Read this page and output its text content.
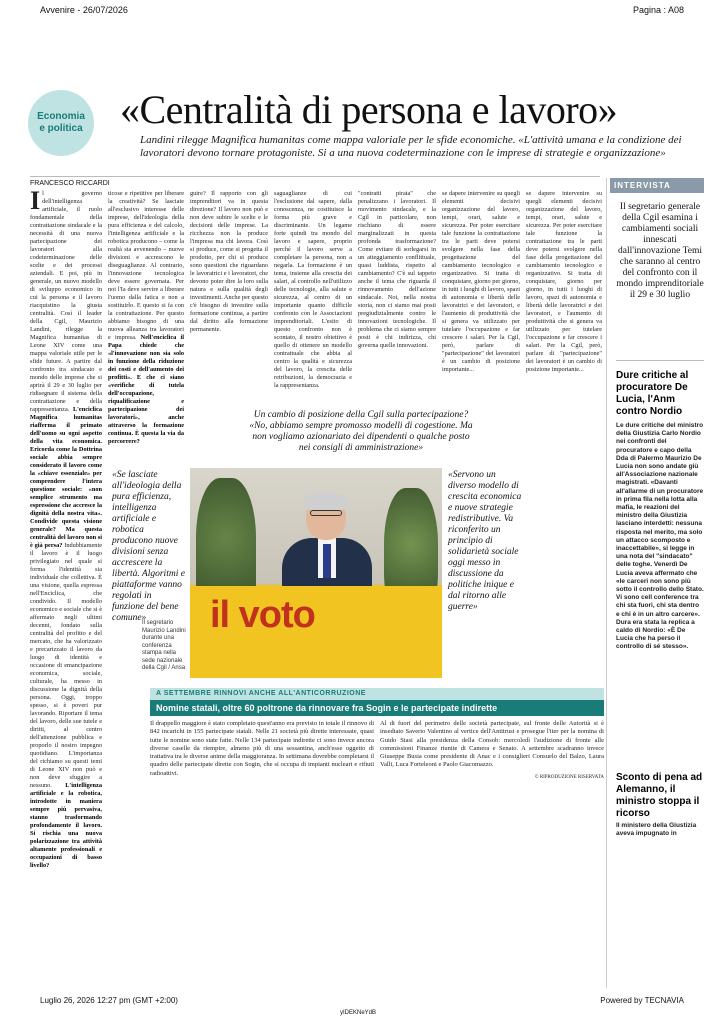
Avvenire - 26/07/2026	Pagina : A08
Economia
e politica «Centralità di persona e lavoro»

Landini rilegge Magnifica humanitas come mappa valoriale per le sfide economiche. «L'attività umana e la condizione dei lavoratori devono tornare protagoniste. Si a una nuova codeterminazione con le imprese di strategie e organizzazione»

FRANCESCO RICCARDI
I l governo dell'intelligenza artificiale, il ruolo fondamentale della contrattazione sindacale e la necessità di una nuova partecipazione dei lavoratori alla codeterminazione delle scelte e dei processi aziendali. E poi, più in generale, un nuovo modello di sviluppo economico in cui la persona e il lavoro riacquistino la giusta centralità. Così il leader della Cgil, Maurizio Landini, rilegge la Magnifica humanitas di Leone XIV come una mappa valoriale utile per le sfide future. A partire dal confronto tra sindacato e mondo delle imprese che si aprirà il 29 e 30 luglio per ridisegnare il sistema della contrattazione e della rappresentanza. L'enciclica Magnifica humanitas riafferma il primato dell'uomo su ogni aspetto della vita economica. Ericorda come la Dottrina sociale abbia sempre considerato il lavoro come la «chiave essenziale» per comprendere l'intera questione sociale: «non semplice strumento ma espressione che accresce la dignità della nostra vita». Condivide questa visione generale? Ma questa centralità del lavoro non si è già persa? Indubbiamente il lavoro è il luogo privilegiato nel quale si forma l'identità sia individuale che collettiva. È una visione, quella espressa nell'Enciclica, che condivido. Il modello economico e sociale che si è affermato negli ultimi decenni, fondato sulla centralità del profitto e del mercato, che ha valorizzato e precarizzato il lavoro da luogo di identità e occasione di emancipazione economica, sociale, culturale, ha messo in discussione la dignità della persona. Oggi, troppo spesso, si è poveri pur lavorando. Riportare il tema del lavoro, delle sue tutele e diritti, al centro dell'attenzione pubblica e proporlo il nostro impegno quotidiano. L'importanza del richiamo su questi temi di Leone XIV non può e non deve sfuggire a nessuno. L'intelligenza artificiale e la robotica, introdotte in maniera sempre più pervasiva, stanno trasformando profondamente il lavoro. Si rischia una nuova polarizzazione tra attività altamente professionali e occupazioni di basso livello?
ticose e ripetitive per liberare la creatività? Se lasciate all'esclusivo interesse delle imprese, dell'ideologia della pura efficienza e del calcolo, l'intelligenza artificiale e la robotica producono – come la realtà sta avvenendo – nuove divisioni e accrescono le diseguaglianze. Al contrario, l'innovazione tecnologica deve essere governata. Per noi l'Ia deve servire a liberare l'uomo dalla fatica e non a sostituirlo. E questo si fa con la contrattazione. Per questo abbiamo bisogno di una nuova alleanza tra lavoratori e impresa. Nell'enciclica il Papa chiede che «l'innovazione non sia solo in funzione della riduzione dei costi e dell'aumento dei profitti». E che ci siano «verifiche di tutela dell'occupazione, riqualificazione e partecipazione dei lavoratori», anche attraverso la formazione continua. È questa la via da percorrere?
guire? Il rapporto con gli imprenditori va in questa direzione? Il lavoro non può e non deve subire le scelte e le decisioni delle imprese. La ricchezza non la produce l'impresa ma chi lavora. Così si produce, come si progetta il prodotto, per chi si produce sono questioni che riguardano le lavoratrici e i lavoratori, che devono poter dire la loro sulla natura e sulla qualità degli investimenti. Anche per questo c'è bisogno di investire sulla formazione continua, a partire dal diritto alla formazione permanente.
saguaglianze di cui l'esclusione dal sapere, dalla conoscenza, ne costituisce la forma più grave e discriminante. Un legame forte quindi tra mondo del lavoro e sapere, proprio perché il lavoro serve a completare la persona, non a negarla. La formazione è un tema, insieme alla crescita dei salari, al controllo nell'utilizzo delle tecnologie, alla salute e sicurezza, al centro di un importante quanto difficile confronto con le Associazioni imprenditoriali. L'esito di questo confronto non è scontato, il nostro obiettivo è quello di ottenere un modello contrattuale che abbia al centro la qualità e sicurezza del lavoro, la crescita delle retribuzioni, la democrazia e la rappresentanza.
"contratti pirata" che penalizzano i lavoratori. Il movimento sindacale, e la Cgil in particolare, non rischiano di essere marginalizzati in questa profonda trasformazione? Come evitare di sorlegarsi in un atteggiamento conflittuale, quasi luddista, rispetto al cambiamento? C'è sul tappeto anche il tema che riguarda il rinnovamento dell'azione sindacale. Noi, nella nostra storia, non ci siamo mai posti pregiudizialmente contro le innovazioni tecnologiche. Il problema che ci siamo sempre posti è chi indirizza, chi governa quelle innovazioni.
se dapere intervenire su quegli elementi decisivi organizzazione del lavoro, tempi, orari, salute e sicurezza. Per poter esercitare tale funzione la contrattazione tra le parti deve potersi svolgere nella fase della progettazione del cambiamento tecnologico e organizzativo. Si tratta di conquistare, giorno per giorno, in tutti i luoghi di lavoro, spazi di autonomia e libertà delle lavoratrici e dei lavoratori, e l'aumento di produttività che si genera va utilizzato per tutelare l'occupazione e far crescere i salari. Per la Cgil, però, parlare di "partecipazione" dei lavoratori è un cambio di posizione importante...
se dapere intervenire su quegli elementi decisivi organizzazione del lavoro, tempi, orari, salute e sicurezza. Per poter esercitare tale funzione la contrattazione tra le parti deve potersi svolgere nella fase della progettazione del cambiamento tecnologico e organizzativo. Si tratta di conquistare, giorno per giorno, in tutti i luoghi di lavoro, spazi di autonomia e libertà delle lavoratrici e dei lavoratori, e l'aumento di produttività che si genera va utilizzato per tutelare l'occupazione e far crescere i salari. Per la Cgil, però, parlare di "partecipazione" dei lavoratori è un cambio di posizione importante...
Un cambio di posizione della Cgil sulla partecipazione? «No, abbiamo sempre promosso modelli di cogestione. Ma non vogliamo azionariato dei dipendenti o qualche posto nei consigli di amministrazione»
«Se lasciate all'ideologia della pura efficienza, intelligenza artificiale e robotica producono nuove divisioni senza accrescere la libertà. Algoritmi e piattaforme vanno regolati in funzione del bene comune»
«Servono un diverso modello di crescita economica e nuove strategie redistributive. Va riconferito un principio di solidarietà sociale oggi messo in discussione da politiche inique e dal ritorno alle guerre»
il voto
Il segretario Maurizio Landini durante una conferenza stampa nella sede nazionale della Cgil / Ansa
A SETTEMBRE RINNOVI ANCHE ALL'ANTICORRUZIONE
Nomine statali, oltre 60 poltrone da rinnovare fra Sogin e le partecipate indirette
Il drappello maggiore è stato completato quest'anno era previsto in totale il rinnovo di 842 incarichi in 155 partecipate statali. Nelle 21 società più dirette interessate, quasi tutte le nomine sono state fatte. Nelle 134 partecipate indirette ci sono invece ancora diverse caselle da riempire, almeno più di una sessantina, anch'esse oggetto di trattativa tra le diverse anime della maggioranza. In settimana dovrebbe completarsi il quadro delle partecipate dirette con Sogin, che si occupa di impianti nucleari e rifiuti radioattivi.
Al di fuori del perimetro delle società partecipate, sul fronte delle Autorità si è insediato Saverio Valentino al vertice dell'Antitrust e prosegue l'iter per la nomina di Guido Stasi alla presidenza della Consob: mercoledì l'audizione di fronte alle commissioni Finanze riunite di Camera e Senato. A settembre scadranno invece Giuseppe Busia come presidente di Anac e i consiglieri Consuelo del Balzo, Laura Valli, Luca Forteleoni e Paolo Giacomazzo.
© RIPRODUZIONE RISERVATA
INTERVISTA
Il segretario generale della Cgil esamina i cambiamenti sociali innescati dall'innovazione Temi che saranno al centro del confronto con il mondo imprenditoriale il 29 e 30 luglio
Dure critiche al procuratore De Lucia, l'Anm contro Nordio
Le dure critiche del ministro della Giustizia Carlo Nordio nei confronti del procuratore e capo della Dda di Palermo Maurizio De Lucia non sono andate giù all'Associazione nazionale magistrati. «Davanti all'allarme di un procuratore in prima fila nella lotta alla mafia, le reazioni del ministro della Giustizia lasciano interdetti: nessuna risposta nel merito, ma solo un attacco scomposto e inaccettabile», si legge in una nota del "sindacato" delle toghe. Venerdì De Lucia aveva affermato che «le carceri non sono più sotto il controllo dello Stato. Vi sono cell conference tra chi sta fuori, chi sta dentro e chi è in un altro carcere». Dura era stata la replica a caldo di Nordio: «È De Lucia che ha perso il controllo di sé stesso».
Sconto di pena ad Alemanno, il ministro stoppa il ricorso
Il ministero della Giustizia aveva impugnato in
Luglio 26, 2026 12:27 pm (GMT +2:00)
yIDEKNeYdB
Powered by TECNAVIA
